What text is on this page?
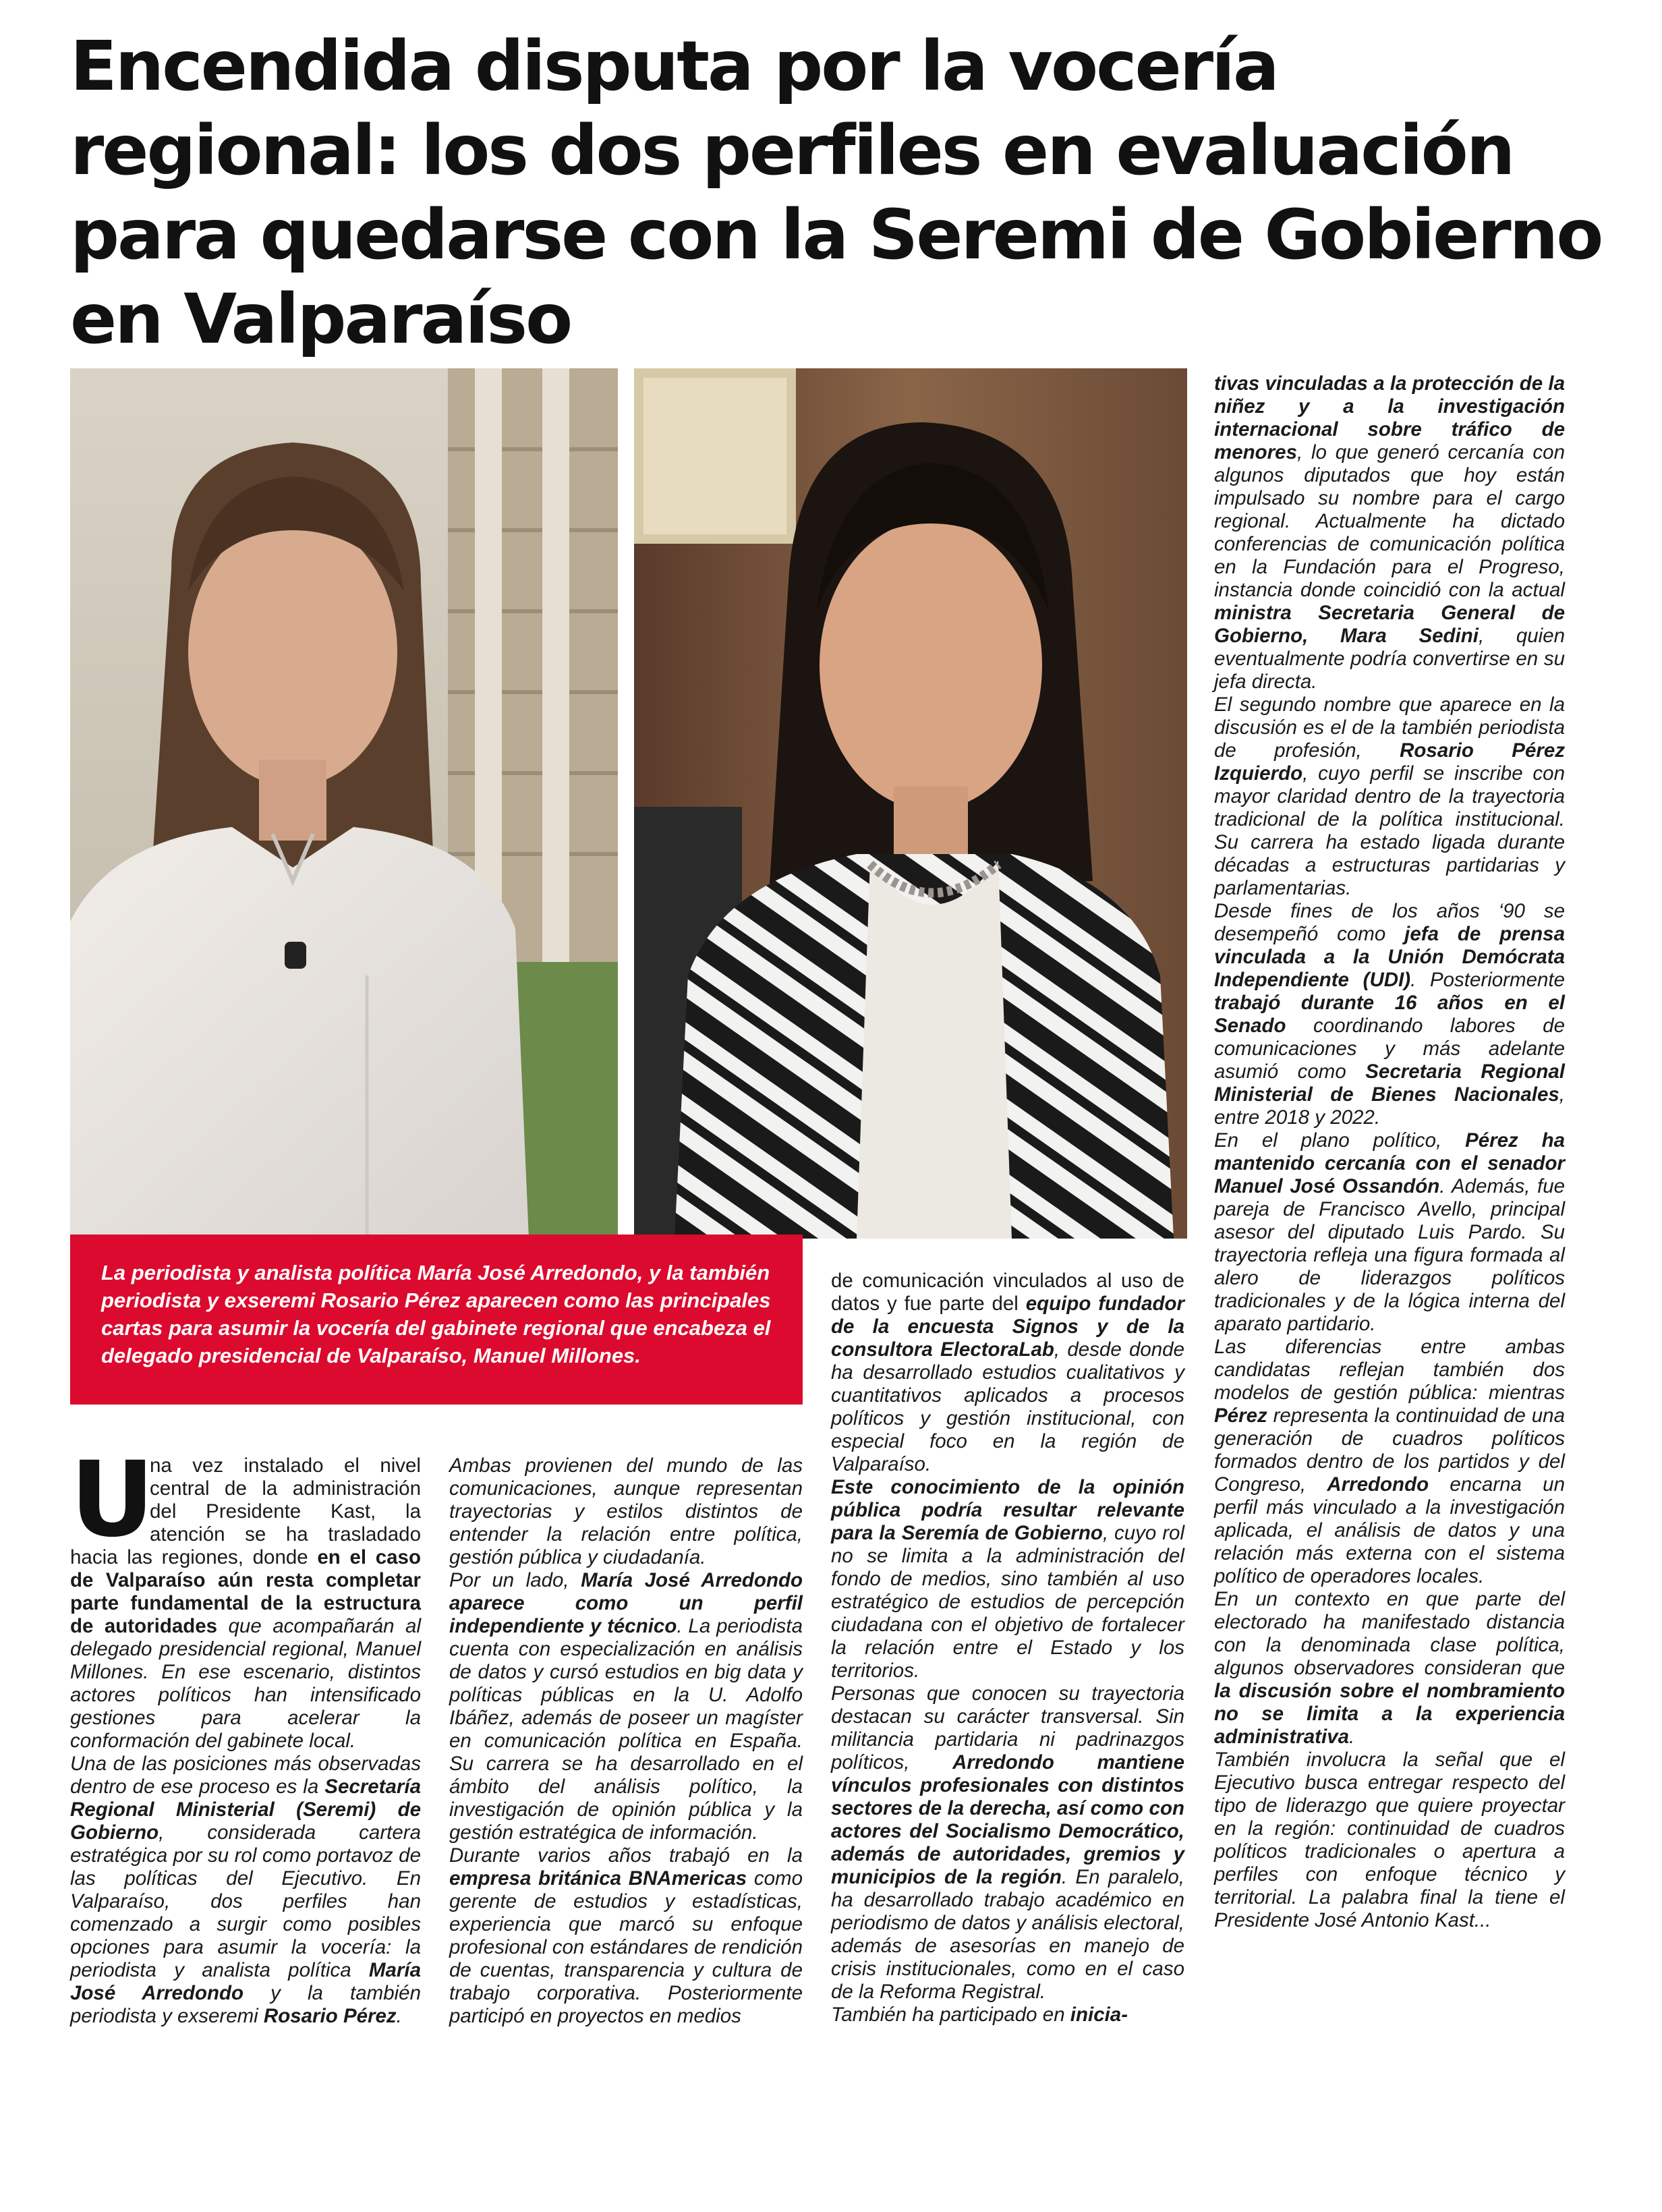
Encendida disputa por la vocería regional: los dos perfiles en evaluación para quedarse con la Seremi de Gobierno en Valparaíso
La periodista y analista política María José Arredondo, y la también periodista y exseremi Rosario Pérez aparecen como las principales cartas para asumir la vocería del gabinete regional que encabeza el delegado presidencial de Valparaíso, Manuel Millones.
U

na vez instalado el nivel central de la administración del Presidente Kast, la atención se ha trasladado hacia las regiones, donde en el caso de Valparaíso aún resta completar parte fundamental de la estructura de autoridades que acompañarán al delegado presidencial regional, Manuel Millones. En ese escenario, distintos actores políticos han intensificado gestiones para acelerar la conformación del gabinete local.

Una de las posiciones más observadas dentro de ese proceso es la Secretaría Regional Ministerial (Seremi) de Gobierno, considerada cartera estratégica por su rol como portavoz de las políticas del Ejecutivo. En Valparaíso, dos perfiles han comenzado a surgir como posibles opciones para asumir la vocería: la periodista y analista política María José Arredondo y la también periodista y exseremi Rosario Pérez.

Ambas provienen del mundo de las comunicaciones, aunque representan trayectorias y estilos distintos de entender la relación entre política, gestión pública y ciudadanía.

Por un lado, María José Arredondo aparece como un perfil independiente y técnico. La periodista cuenta con especialización en análisis de datos y cursó estudios en big data y políticas públicas en la U. Adolfo Ibáñez, además de poseer un magíster en comunicación política en España. Su carrera se ha desarrollado en el ámbito del análisis político, la investigación de opinión pública y la gestión estratégica de información.

Durante varios años trabajó en la empresa británica BNAmericas como gerente de estudios y estadísticas, experiencia que marcó su enfoque profesional con estándares de rendición de cuentas, transparencia y cultura de trabajo corporativa. Posteriormente participó en proyectos en medios

de comunicación vinculados al uso de datos y fue parte del equipo fundador de la encuesta Signos y de la consultora ElectoraLab, desde donde ha desarrollado estudios cualitativos y cuantitativos aplicados a procesos políticos y gestión institucional, con especial foco en la región de Valparaíso.

Este conocimiento de la opinión pública podría resultar relevante para la Seremía de Gobierno, cuyo rol no se limita a la administración del fondo de medios, sino también al uso estratégico de estudios de percepción ciudadana con el objetivo de fortalecer la relación entre el Estado y los territorios.

Personas que conocen su trayectoria destacan su carácter transversal. Sin militancia partidaria ni padrinazgos políticos, Arredondo mantiene vínculos profesionales con distintos sectores de la derecha, así como con actores del Socialismo Democrático, además de autoridades, gremios y municipios de la región. En paralelo, ha desarrollado trabajo académico en periodismo de datos y análisis electoral, además de asesorías en manejo de crisis institucionales, como en el caso de la Reforma Registral.

También ha participado en inicia-

tivas vinculadas a la protección de la niñez y a la investigación internacional sobre tráfico de menores, lo que generó cercanía con algunos diputados que hoy están impulsado su nombre para el cargo regional. Actualmente ha dictado conferencias de comunicación política en la Fundación para el Progreso, instancia donde coincidió con la actual ministra Secretaria General de Gobierno, Mara Sedini, quien eventualmente podría convertirse en su jefa directa.

El segundo nombre que aparece en la discusión es el de la también periodista de profesión, Rosario Pérez Izquierdo, cuyo perfil se inscribe con mayor claridad dentro de la trayectoria tradicional de la política institucional. Su carrera ha estado ligada durante décadas a estructuras partidarias y parlamentarias.

Desde fines de los años ‘90 se desempeñó como jefa de prensa vinculada a la Unión Demócrata Independiente (UDI). Posteriormente trabajó durante 16 años en el Senado coordinando labores de comunicaciones y más adelante asumió como Secretaria Regional Ministerial de Bienes Nacionales, entre 2018 y 2022.

En el plano político, Pérez ha mantenido cercanía con el senador Manuel José Ossandón. Además, fue pareja de Francisco Avello, principal asesor del diputado Luis Pardo. Su trayectoria refleja una figura formada al alero de liderazgos políticos tradicionales y de la lógica interna del aparato partidario.

Las diferencias entre ambas candidatas reflejan también dos modelos de gestión pública: mientras Pérez representa la continuidad de una generación de cuadros políticos formados dentro de los partidos y del Congreso, Arredondo encarna un perfil más vinculado a la investigación aplicada, el análisis de datos y una relación más externa con el sistema político de operadores locales.

En un contexto en que parte del electorado ha manifestado distancia con la denominada clase política, algunos observadores consideran que la discusión sobre el nombramiento no se limita a la experiencia administrativa.

También involucra la señal que el Ejecutivo busca entregar respecto del tipo de liderazgo que quiere proyectar en la región: continuidad de cuadros políticos tradicionales o apertura a perfiles con enfoque técnico y territorial. La palabra final la tiene el Presidente José Antonio Kast...
